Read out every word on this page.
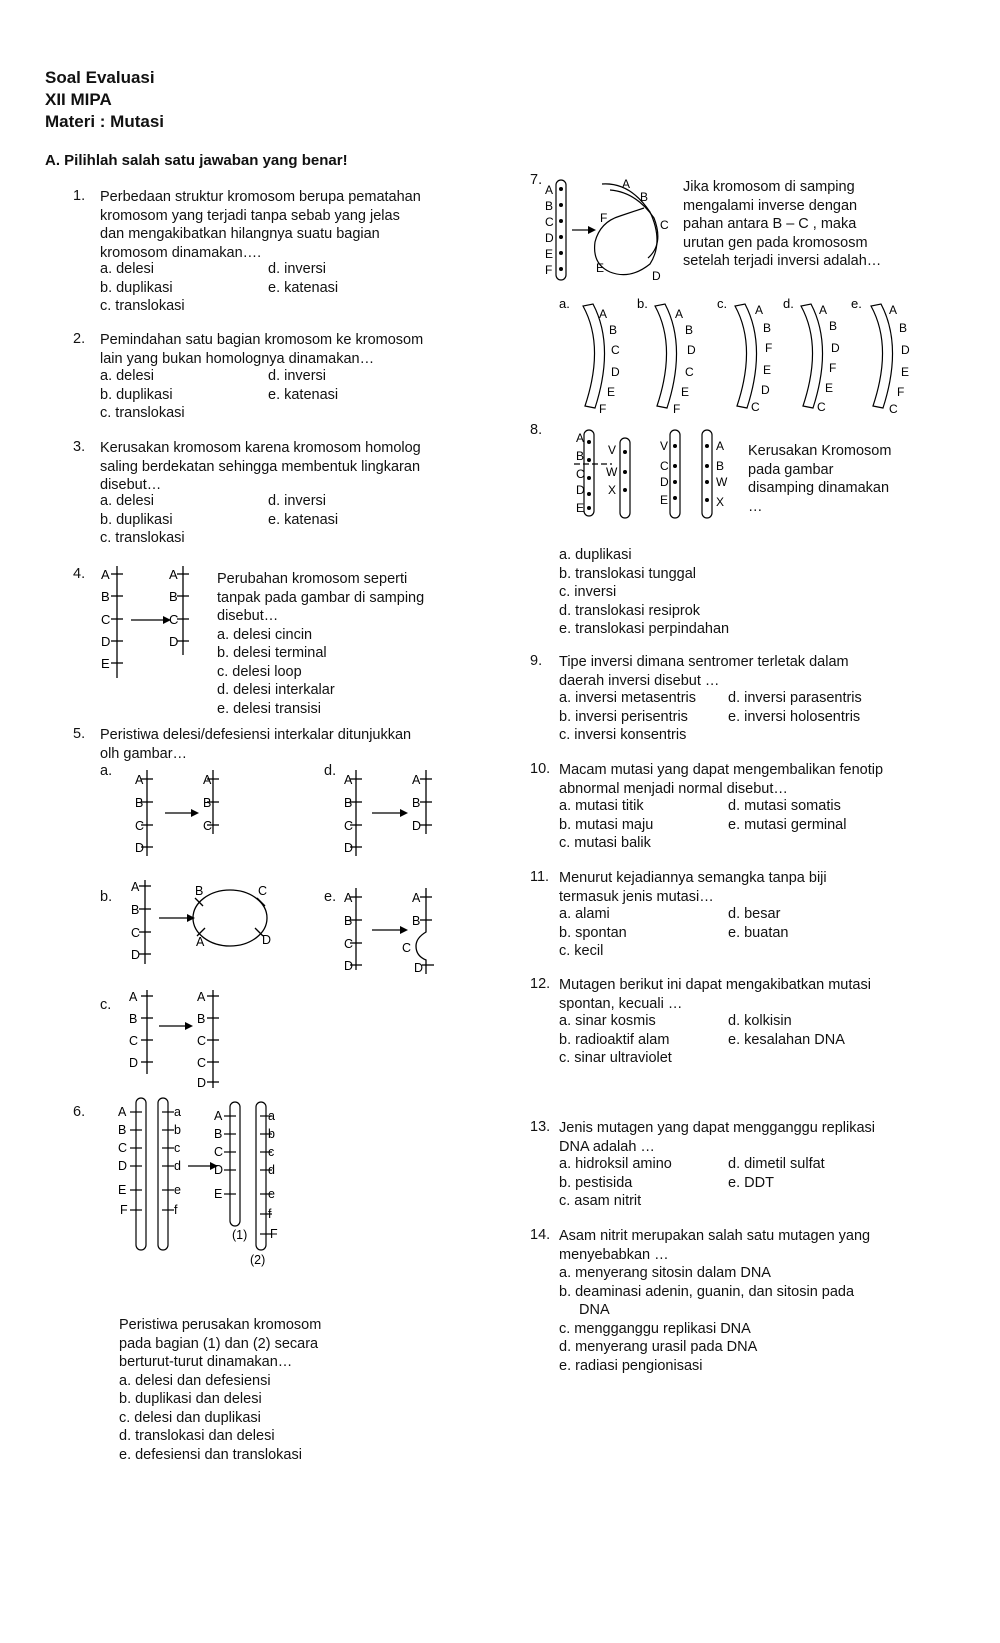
Soal Evaluasi
XII MIPA
Materi : Mutasi
A. Pilihlah salah satu jawaban yang benar!
1. Perbedaan struktur kromosom berupa pematahan
kromosom yang terjadi tanpa sebab yang jelas
dan mengakibatkan hilangnya suatu bagian
kromosom dinamakan….
a. delesi
b. duplikasi
c. translokasi
d. inversi
e. katenasi
2. Pemindahan satu bagian kromosom ke kromosom
lain yang bukan homolognya dinamakan…
a. delesi
b. duplikasi
c. translokasi
d. inversi
e. katenasi
3. Kerusakan kromosom karena kromosom homolog
saling berdekatan sehingga membentuk lingkaran
disebut…
a. delesi
b. duplikasi
c. translokasi
d. inversi
e. katenasi
4. A
B
C
D
E
A
B
C
D
Perubahan kromosom seperti
tanpak pada gambar di samping
disebut…
a. delesi cincin
b. delesi terminal
c. delesi loop
d. delesi interkalar
e. delesi transisi
5. Peristiwa delesi/defesiensi interkalar ditunjukkan
olh gambar…
a.
b.
c.
d.
e.
A
B
C
D
A
B
C
A
B
C
D
B	C
A	D
A
B
C
D
A
B
C
C
D
A
B
C
D
A
B
D
A
B
C
D
A
B
C
D
6.	A
B
C
D
E
F
a
b
c
d
e
f
A
B
C
D
E
a
b
c
d
e
f
F
(1)
(2)
Peristiwa perusakan kromosom
pada bagian (1) dan (2) secara
berturut-turut dinamakan…
a. delesi dan defesiensi
b. duplikasi dan delesi
c. delesi dan duplikasi
d. translokasi dan delesi
e. defesiensi dan translokasi
7.
A
B
C
D
E
F
A
B
C
F
E
D
Jika kromosom di samping
mengalami inverse dengan
pahan antara B – C , maka
urutan gen pada kromososm
setelah terjadi inversi adalah…
a.	b.	c.	d.	e.
A
B
C
D
E
F
A
B
D
C
E
F
A
B
F
E
D
C
A
B
D
F
E
C
A
B
D
E
F
C
8.	A
B
C
D
E
V
W
X
V
C
D
E
A
B
W
X
Kerusakan Kromosom
pada gambar
disamping dinamakan
…
a. duplikasi
b. translokasi tunggal
c. inversi
d. translokasi resiprok
e. translokasi perpindahan
9. Tipe inversi dimana sentromer terletak dalam
daerah inversi disebut …
a. inversi metasentris
b. inversi perisentris
c. inversi konsentris
d. inversi parasentris
e. inversi holosentris
10. Macam mutasi yang dapat mengembalikan fenotip
abnormal menjadi normal disebut…
a. mutasi titik
b. mutasi maju
c. mutasi balik
d. mutasi somatis
e. mutasi germinal
11. Menurut kejadiannya semangka tanpa biji
termasuk jenis mutasi…
a. alami
b. spontan
c. kecil
d. besar
e. buatan
12. Mutagen berikut ini dapat mengakibatkan mutasi
spontan, kecuali …
a. sinar kosmis
b. radioaktif alam
c. sinar ultraviolet
d. kolkisin
e. kesalahan DNA
13. Jenis mutagen yang dapat mengganggu replikasi
DNA adalah …
a. hidroksil amino
b. pestisida
c. asam nitrit
d. dimetil sulfat
e. DDT
14. Asam nitrit merupakan salah satu mutagen yang
menyebabkan …
a. menyerang sitosin dalam DNA
b. deaminasi adenin, guanin, dan sitosin pada
DNA
c. mengganggu replikasi DNA
d. menyerang urasil pada DNA
e. radiasi pengionisasi
